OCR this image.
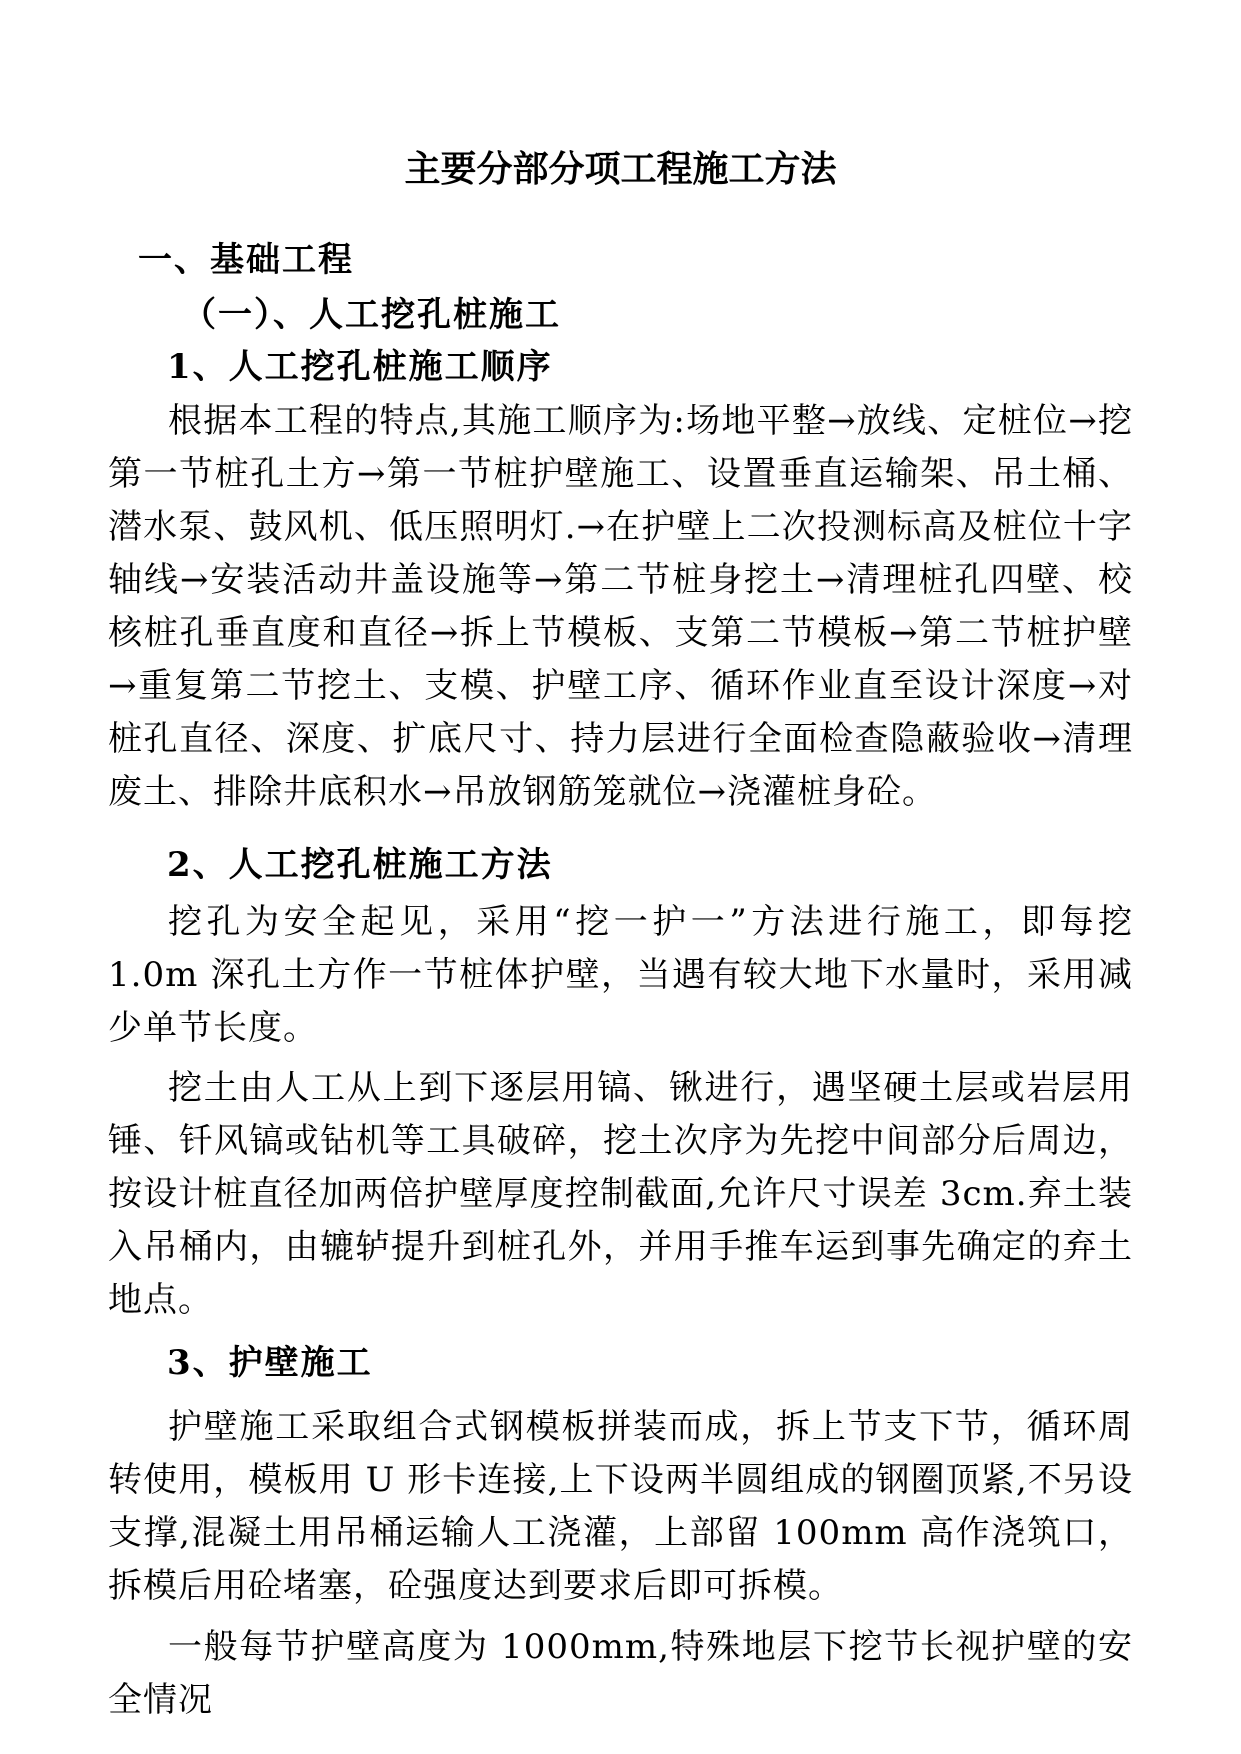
主要分部分项工程施工方法
一、基础工程
（一）、人工挖孔桩施工
1、人工挖孔桩施工顺序

根据本工程的特点,其施工顺序为:场地平整→放线、定桩位→挖第一节桩孔土方→第一节桩护壁施工、设置垂直运输架、吊土桶、潜水泵、鼓风机、低压照明灯.→在护壁上二次投测标高及桩位十字轴线→安装活动井盖设施等→第二节桩身挖土→清理桩孔四壁、校核桩孔垂直度和直径→拆上节模板、支第二节模板→第二节桩护壁→重复第二节挖土、支模、护壁工序、循环作业直至设计深度→对桩孔直径、深度、扩底尺寸、持力层进行全面检查隐蔽验收→清理废土、排除井底积水→吊放钢筋笼就位→浇灌桩身砼。

2、人工挖孔桩施工方法

挖孔为安全起见，采用“挖一护一”方法进行施工，即每挖 1.0m 深孔土方作一节桩体护壁，当遇有较大地下水量时，采用减少单节长度。

挖土由人工从上到下逐层用镐、锹进行，遇坚硬土层或岩层用锤、钎风镐或钻机等工具破碎，挖土次序为先挖中间部分后周边，按设计桩直径加两倍护壁厚度控制截面,允许尺寸误差 3cm.弃土装入吊桶内，由辘轳提升到桩孔外，并用手推车运到事先确定的弃土地点。

3、护壁施工

护壁施工采取组合式钢模板拼装而成，拆上节支下节，循环周转使用，模板用 U 形卡连接,上下设两半圆组成的钢圈顶紧,不另设支撑,混凝土用吊桶运输人工浇灌，上部留 100mm 高作浇筑口，拆模后用砼堵塞，砼强度达到要求后即可拆模。

一般每节护壁高度为 1000mm,特殊地层下挖节长视护壁的安全情况
